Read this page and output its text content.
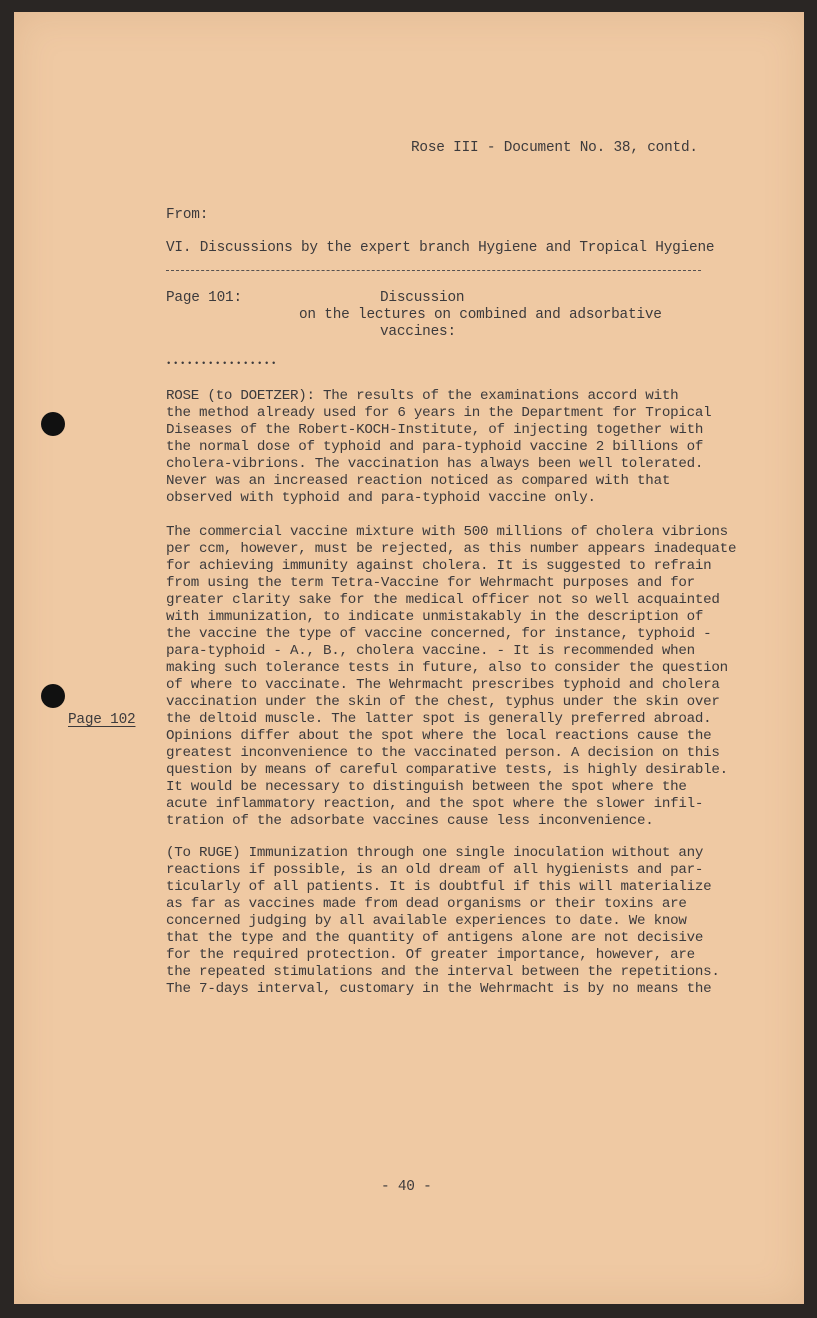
Rose III - Document No. 38, contd.
From:
VI. Discussions by the expert branch Hygiene and Tropical Hygiene
Page 101:	Discussion
on the lectures on combined and adsorbative
vaccines:
••••••••••••••••
Page 102
ROSE (to DOETZER): The results of the examinations accord with
the method already used for 6 years in the Department for Tropical
Diseases of the Robert-KOCH-Institute, of injecting together with
the normal dose of typhoid and para-typhoid vaccine 2 billions of
cholera-vibrions. The vaccination has always been well tolerated.
Never was an increased reaction noticed as compared with that
observed with typhoid and para-typhoid vaccine only.
The commercial vaccine mixture with 500 millions of cholera vibrions
per ccm, however, must be rejected, as this number appears inadequate
for achieving immunity against cholera. It is suggested to refrain
from using the term Tetra-Vaccine for Wehrmacht purposes and for
greater clarity sake for the medical officer not so well acquainted
with immunization, to indicate unmistakably in the description of
the vaccine the type of vaccine concerned, for instance, typhoid -
para-typhoid - A., B., cholera vaccine. - It is recommended when
making such tolerance tests in future, also to consider the question
of where to vaccinate. The Wehrmacht prescribes typhoid and cholera
vaccination under the skin of the chest, typhus under the skin over
the deltoid muscle. The latter spot is generally preferred abroad.
Opinions differ about the spot where the local reactions cause the
greatest inconvenience to the vaccinated person. A decision on this
question by means of careful comparative tests, is highly desirable.
It would be necessary to distinguish between the spot where the
acute inflammatory reaction, and the spot where the slower infil-
tration of the adsorbate vaccines cause less inconvenience.
(To RUGE) Immunization through one single inoculation without any
reactions if possible, is an old dream of all hygienists and par-
ticularly of all patients. It is doubtful if this will materialize
as far as vaccines made from dead organisms or their toxins are
concerned judging by all available experiences to date. We know
that the type and the quantity of antigens alone are not decisive
for the required protection. Of greater importance, however, are
the repeated stimulations and the interval between the repetitions.
The 7-days interval, customary in the Wehrmacht is by no means the
- 40 -
